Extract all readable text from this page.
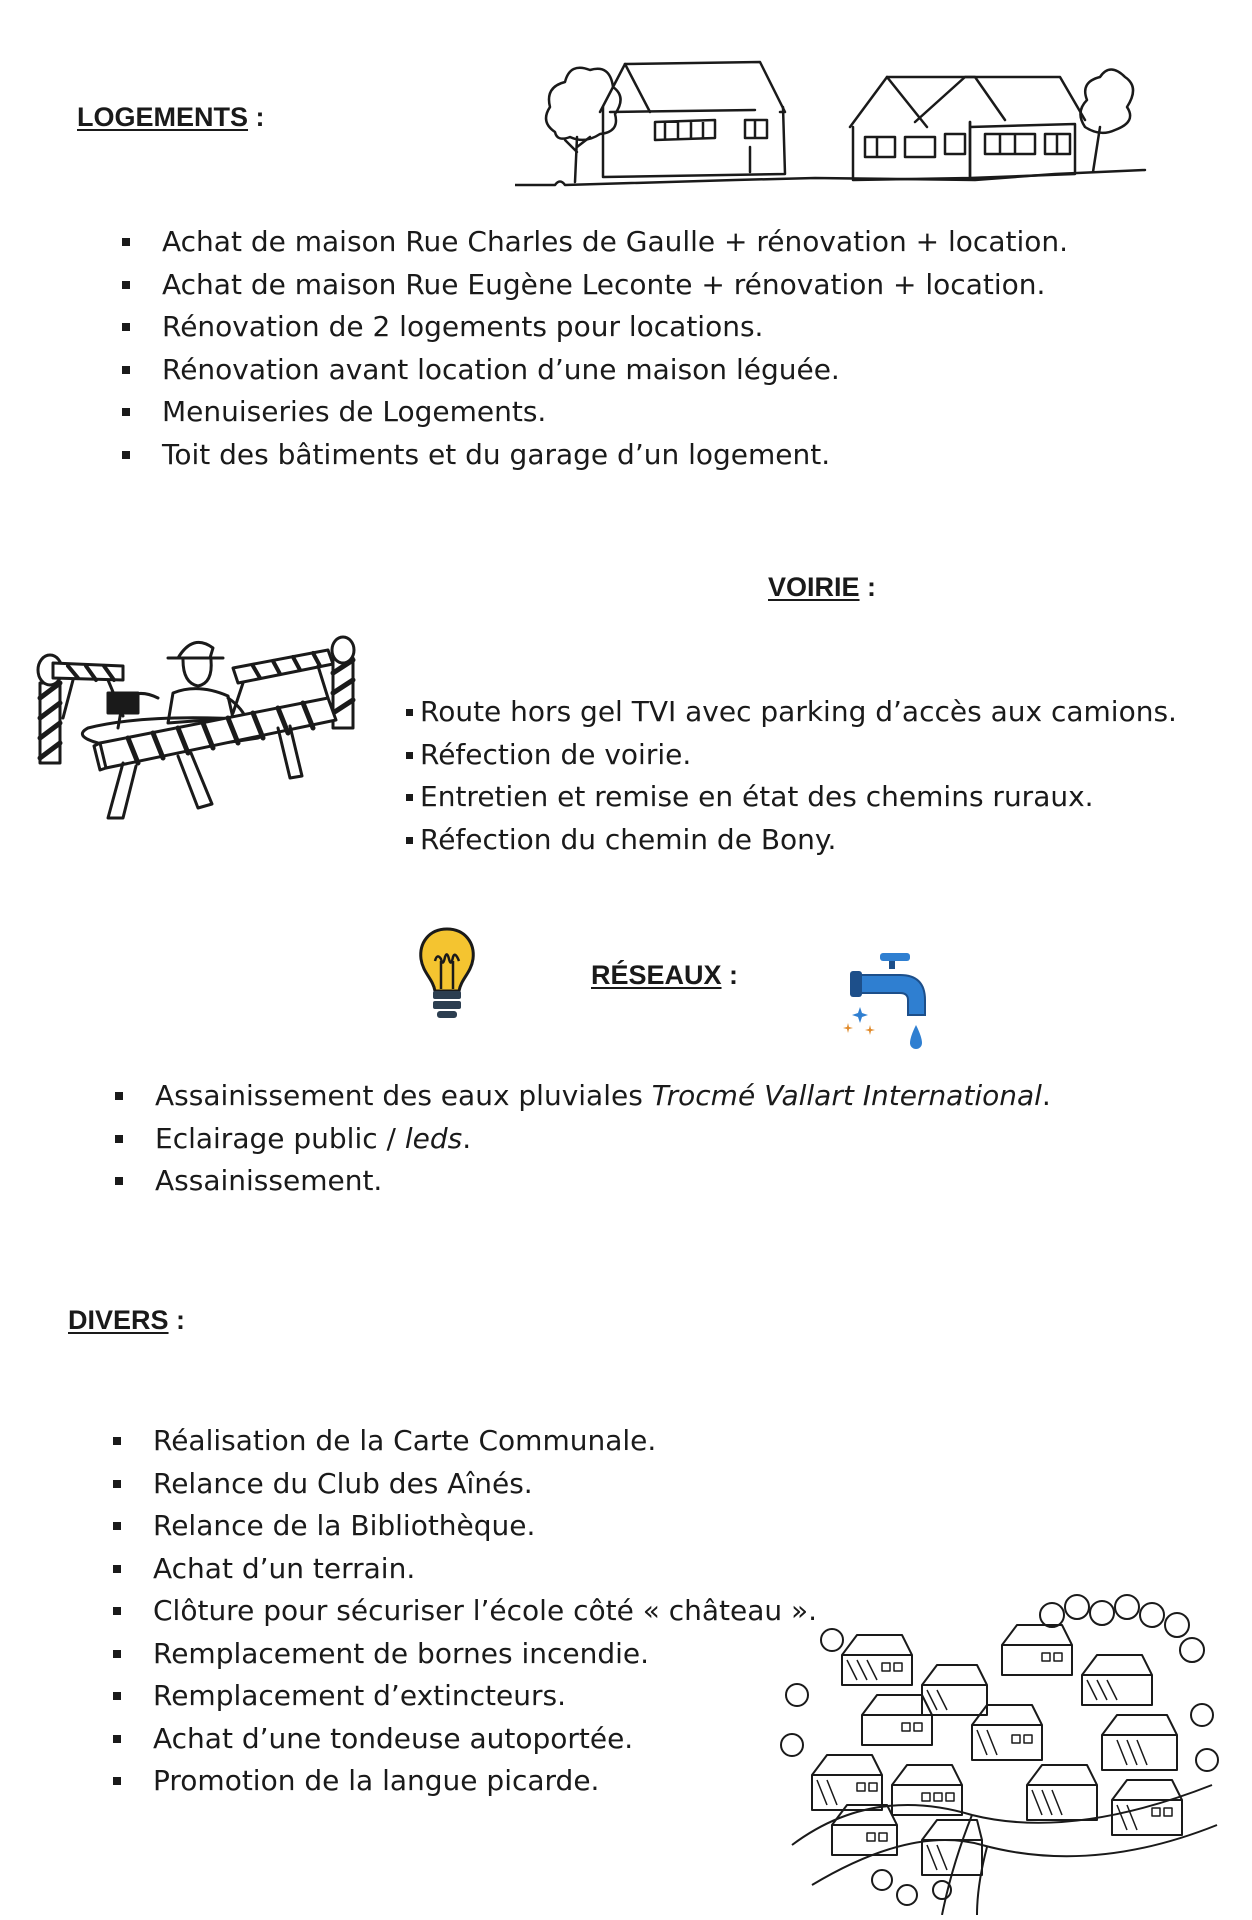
LOGEMENTS :
Achat de maison Rue Charles de Gaulle + rénovation + location.
Achat de maison Rue Eugène Leconte + rénovation + location.
Rénovation de 2 logements pour locations.
Rénovation avant location d’une maison léguée.
Menuiseries de Logements.
Toit des bâtiments et du garage d’un logement.
VOIRIE :
Route hors gel TVI avec parking d’accès aux camions.
Réfection de voirie.
Entretien et remise en état des chemins ruraux.
Réfection du chemin de Bony.
RÉSEAUX :
Assainissement des eaux pluviales Trocmé Vallart International.
Eclairage public / leds.
Assainissement.
DIVERS :
Réalisation de la Carte Communale.
Relance du Club des Aînés.
Relance de la Bibliothèque.
Achat d’un terrain.
Clôture pour sécuriser l’école côté « château ».
Remplacement de bornes incendie.
Remplacement d’extincteurs.
Achat d’une tondeuse autoportée.
Promotion de la langue picarde.
